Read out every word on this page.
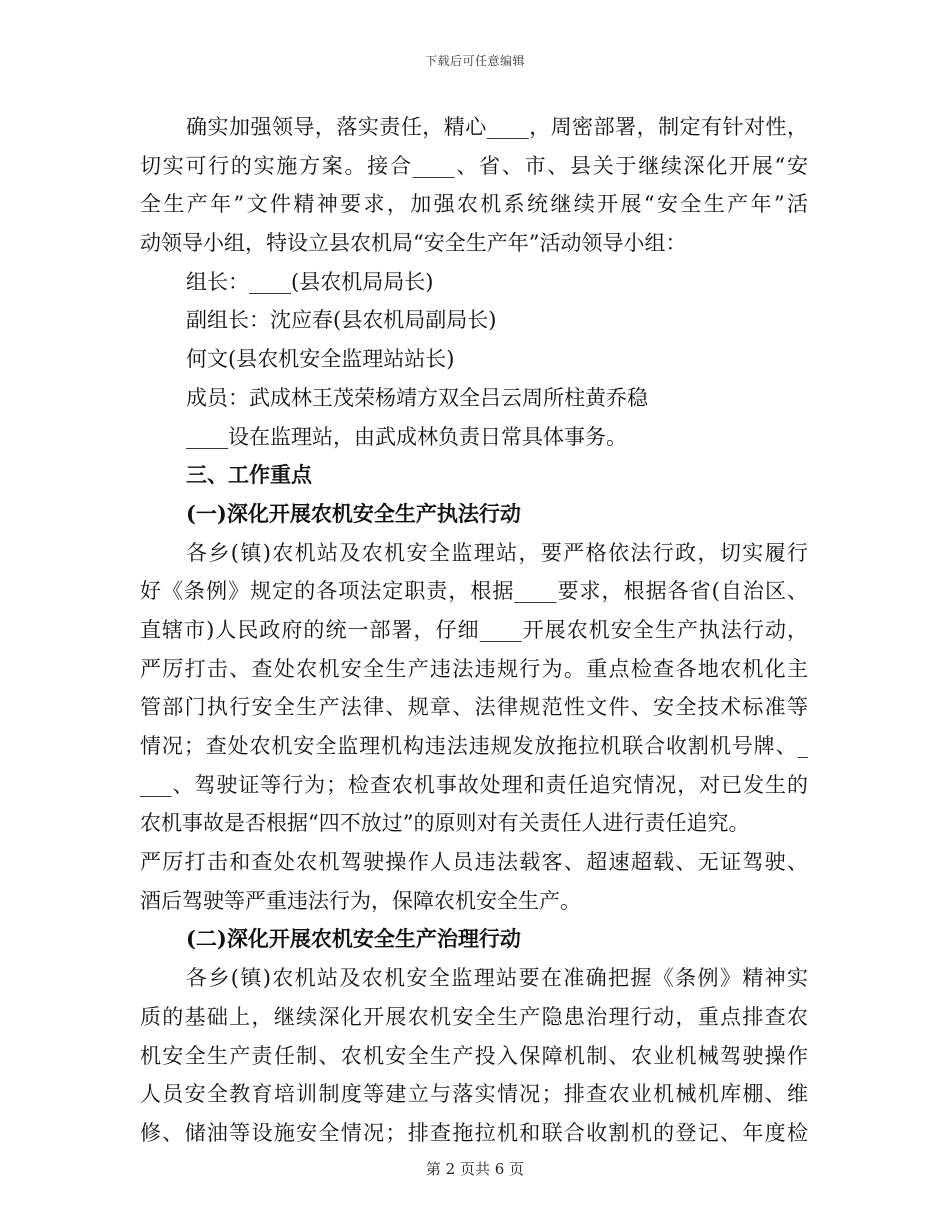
下载后可任意编辑
确实加强领导，落实责任，精心____，周密部署，制定有针对性，
切实可行的实施方案。接合____、省、市、县关于继续深化开展“安
全生产年”文件精神要求，加强农机系统继续开展“安全生产年”活
动领导小组，特设立县农机局“安全生产年”活动领导小组：
组长：____(县农机局局长)
副组长：沈应春(县农机局副局长)
何文(县农机安全监理站站长)
成员：武成林王茂荣杨靖方双全吕云周所柱黄乔稳
____设在监理站，由武成林负责日常具体事务。
三、工作重点
(一)深化开展农机安全生产执法行动
各乡(镇)农机站及农机安全监理站，要严格依法行政，切实履行
好《条例》规定的各项法定职责，根据____要求，根据各省(自治区、
直辖市)人民政府的统一部署，仔细____开展农机安全生产执法行动，
严厉打击、查处农机安全生产违法违规行为。重点检查各地农机化主
管部门执行安全生产法律、规章、法律规范性文件、安全技术标准等
情况；查处农机安全监理机构违法违规发放拖拉机联合收割机号牌、_
___、驾驶证等行为；检查农机事故处理和责任追究情况，对已发生的
农机事故是否根据“四不放过”的原则对有关责任人进行责任追究。
严厉打击和查处农机驾驶操作人员违法载客、超速超载、无证驾驶、
酒后驾驶等严重违法行为，保障农机安全生产。
(二)深化开展农机安全生产治理行动
各乡(镇)农机站及农机安全监理站要在准确把握《条例》精神实
质的基础上，继续深化开展农机安全生产隐患治理行动，重点排查农
机安全生产责任制、农机安全生产投入保障机制、农业机械驾驶操作
人员安全教育培训制度等建立与落实情况；排查农业机械机库棚、维
修、储油等设施安全情况；排查拖拉机和联合收割机的登记、年度检
第 2 页共 6 页
